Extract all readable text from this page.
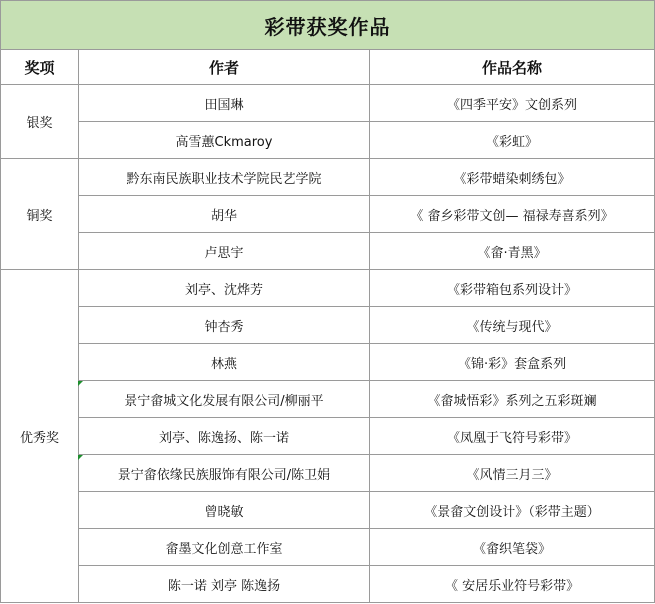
彩带获奖作品		
奖项	作者	作品名称
银奖	田国琳	《四季平安》文创系列
	高雪蕙Ckmaroy	《彩虹》
铜奖	黔东南民族职业技术学院民艺学院	《彩带蜡染刺绣包》
	胡华	《 畲乡彩带文创— 福禄寿喜系列》
	卢思宇	《畲·青黑》
优秀奖	刘亭、沈烨芳	《彩带箱包系列设计》
	钟杏秀	《传统与现代》
	林燕	《锦·彩》套盒系列
	景宁畲城文化发展有限公司/柳丽平	《畲城悟彩》系列之五彩斑斓
	刘亭、陈逸扬、陈一诺	《凤凰于飞符号彩带》
	景宁畲依缘民族服饰有限公司/陈卫娟	《风情三月三》
	曾晓敏	《景畲文创设计》（彩带主题）
	畲墨文化创意工作室	《畲织笔袋》
	陈一诺 刘亭 陈逸扬	《 安居乐业符号彩带》
